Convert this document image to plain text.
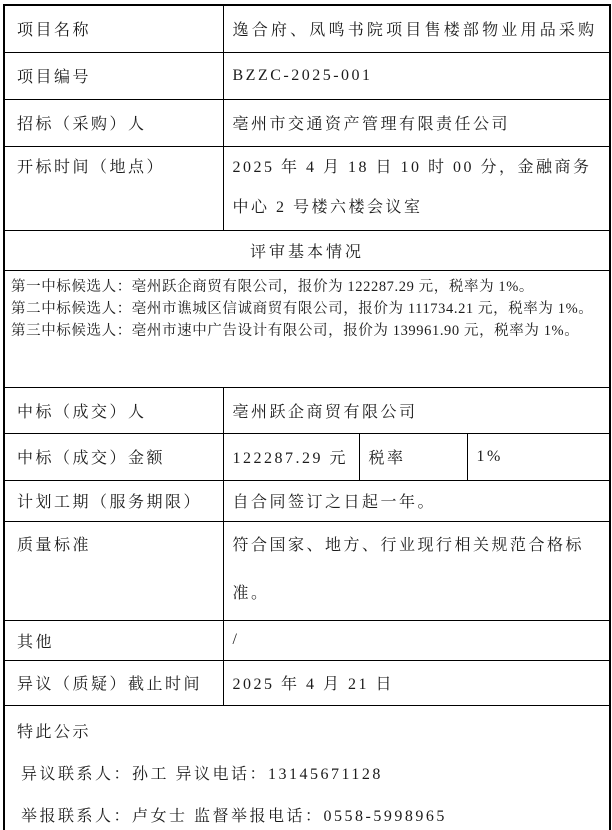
项目名称	逸合府、凤鸣书院项目售楼部物业用品采购		
项目编号	BZZC-2025-001		
招标（采购）人	亳州市交通资产管理有限责任公司		
开标时间（地点）	2025 年 4 月 18 日 10 时 00 分，金融商务中心 2 号楼六楼会议室		
评审基本情况			

第一中标候选人：亳州跃企商贸有限公司，报价为 122287.29 元，税率为 1%。

第二中标候选人：亳州市谯城区信诚商贸有限公司，报价为 111734.21 元，税率为 1%。

第三中标候选人：亳州市速中广告设计有限公司，报价为 139961.90 元，税率为 1%。			

中标（成交）人	亳州跃企商贸有限公司		
中标（成交）金额	122287.29 元	税率	1%
计划工期（服务期限）	自合同签订之日起一年。		
质量标准	符合国家、地方、行业现行相关规范合格标准。		
其他	/		
异议（质疑）截止时间	2025 年 4 月 21 日		

特此公示
异议联系人：孙工 异议电话：13145671128
举报联系人：卢女士 监督举报电话：0558-5998965			
